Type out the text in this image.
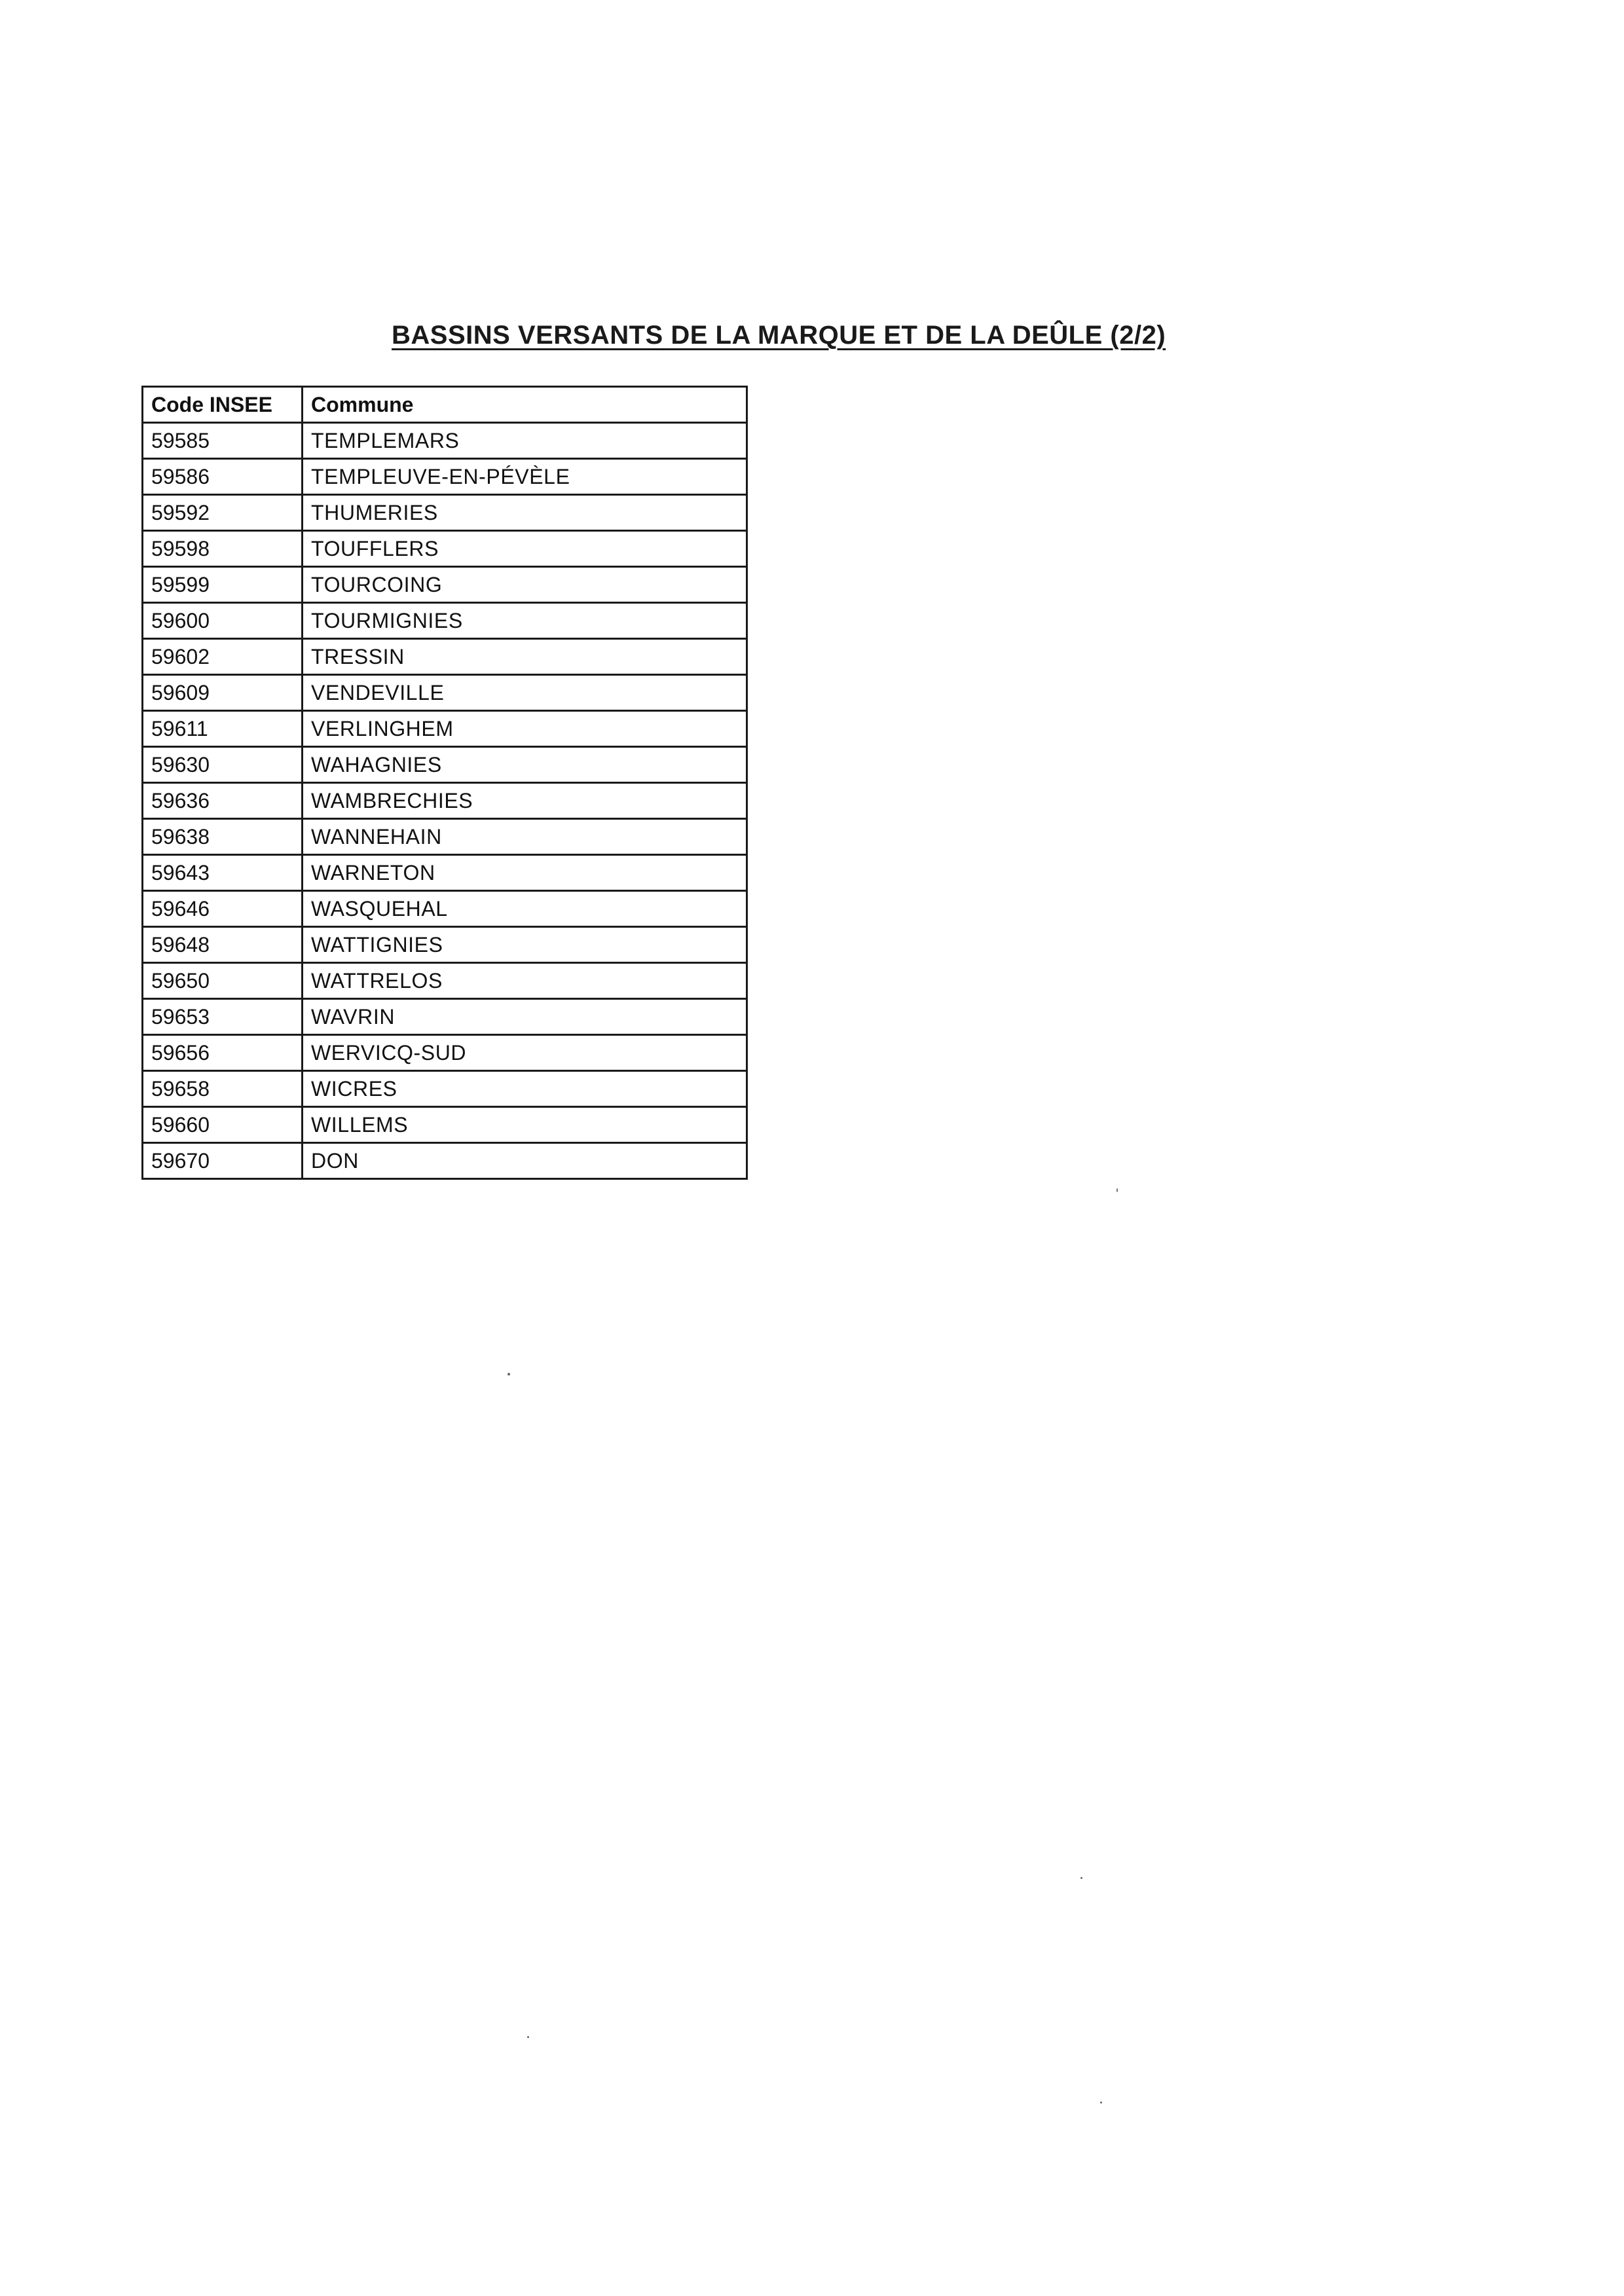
BASSINS VERSANTS DE LA MARQUE ET DE LA DEÛLE (2/2)
Code INSEE	Commune
59585	TEMPLEMARS
59586	TEMPLEUVE-EN-PÉVÈLE
59592	THUMERIES
59598	TOUFFLERS
59599	TOURCOING
59600	TOURMIGNIES
59602	TRESSIN
59609	VENDEVILLE
59611	VERLINGHEM
59630	WAHAGNIES
59636	WAMBRECHIES
59638	WANNEHAIN
59643	WARNETON
59646	WASQUEHAL
59648	WATTIGNIES
59650	WATTRELOS
59653	WAVRIN
59656	WERVICQ-SUD
59658	WICRES
59660	WILLEMS
59670	DON
